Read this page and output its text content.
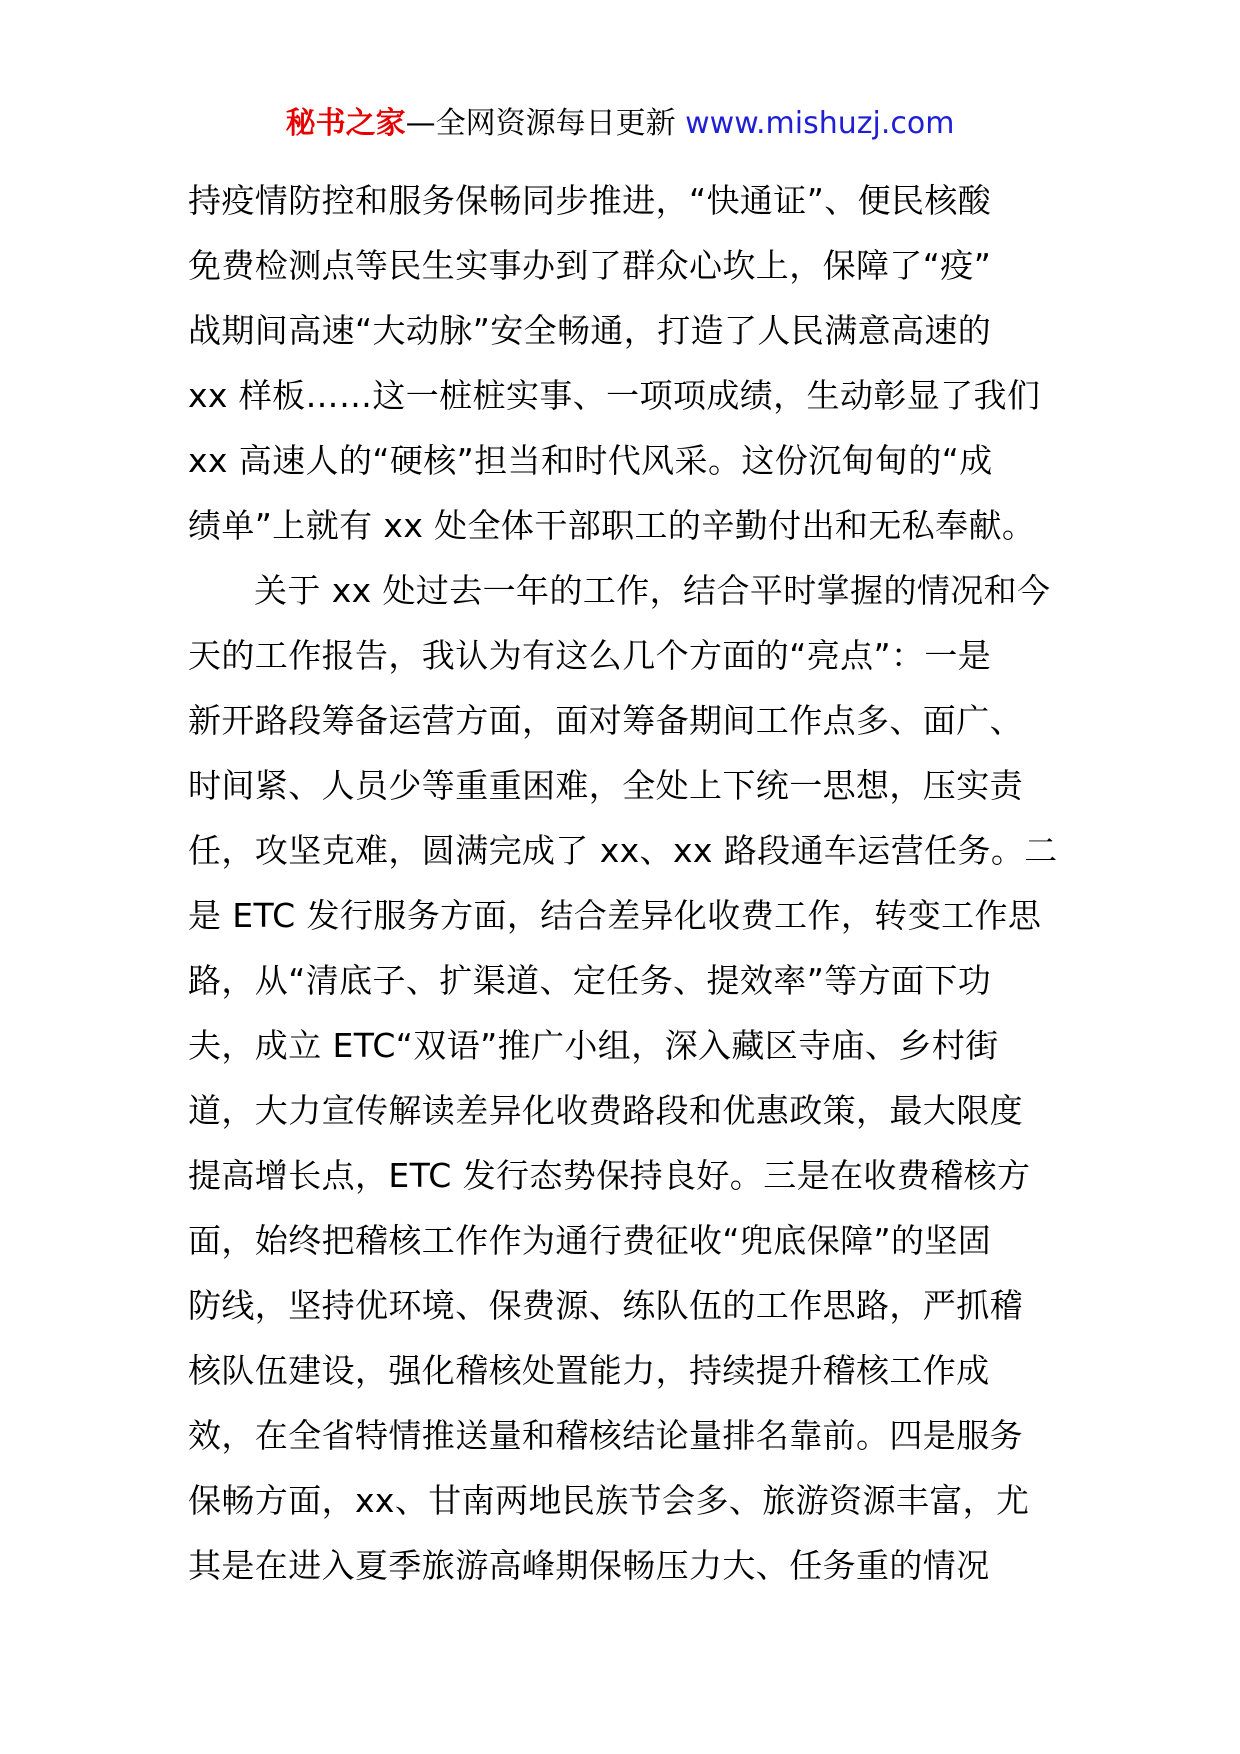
秘书之家—全网资源每日更新 www.mishuzj.com
持疫情防控和服务保畅同步推进，“快通证”、便民核酸
免费检测点等民生实事办到了群众心坎上，保障了“疫”
战期间高速“大动脉”安全畅通，打造了人民满意高速的
xx 样板……这一桩桩实事、一项项成绩，生动彰显了我们
xx 高速人的“硬核”担当和时代风采。这份沉甸甸的“成
绩单”上就有 xx 处全体干部职工的辛勤付出和无私奉献。
关于 xx 处过去一年的工作，结合平时掌握的情况和今
天的工作报告，我认为有这么几个方面的“亮点”：一是
新开路段筹备运营方面，面对筹备期间工作点多、面广、
时间紧、人员少等重重困难，全处上下统一思想，压实责
任，攻坚克难，圆满完成了 xx、xx 路段通车运营任务。二
是 ETC 发行服务方面，结合差异化收费工作，转变工作思
路，从“清底子、扩渠道、定任务、提效率”等方面下功
夫，成立 ETC“双语”推广小组，深入藏区寺庙、乡村街
道，大力宣传解读差异化收费路段和优惠政策，最大限度
提高增长点，ETC 发行态势保持良好。三是在收费稽核方
面，始终把稽核工作作为通行费征收“兜底保障”的坚固
防线，坚持优环境、保费源、练队伍的工作思路，严抓稽
核队伍建设，强化稽核处置能力，持续提升稽核工作成
效，在全省特情推送量和稽核结论量排名靠前。四是服务
保畅方面，xx、甘南两地民族节会多、旅游资源丰富，尤
其是在进入夏季旅游高峰期保畅压力大、任务重的情况
